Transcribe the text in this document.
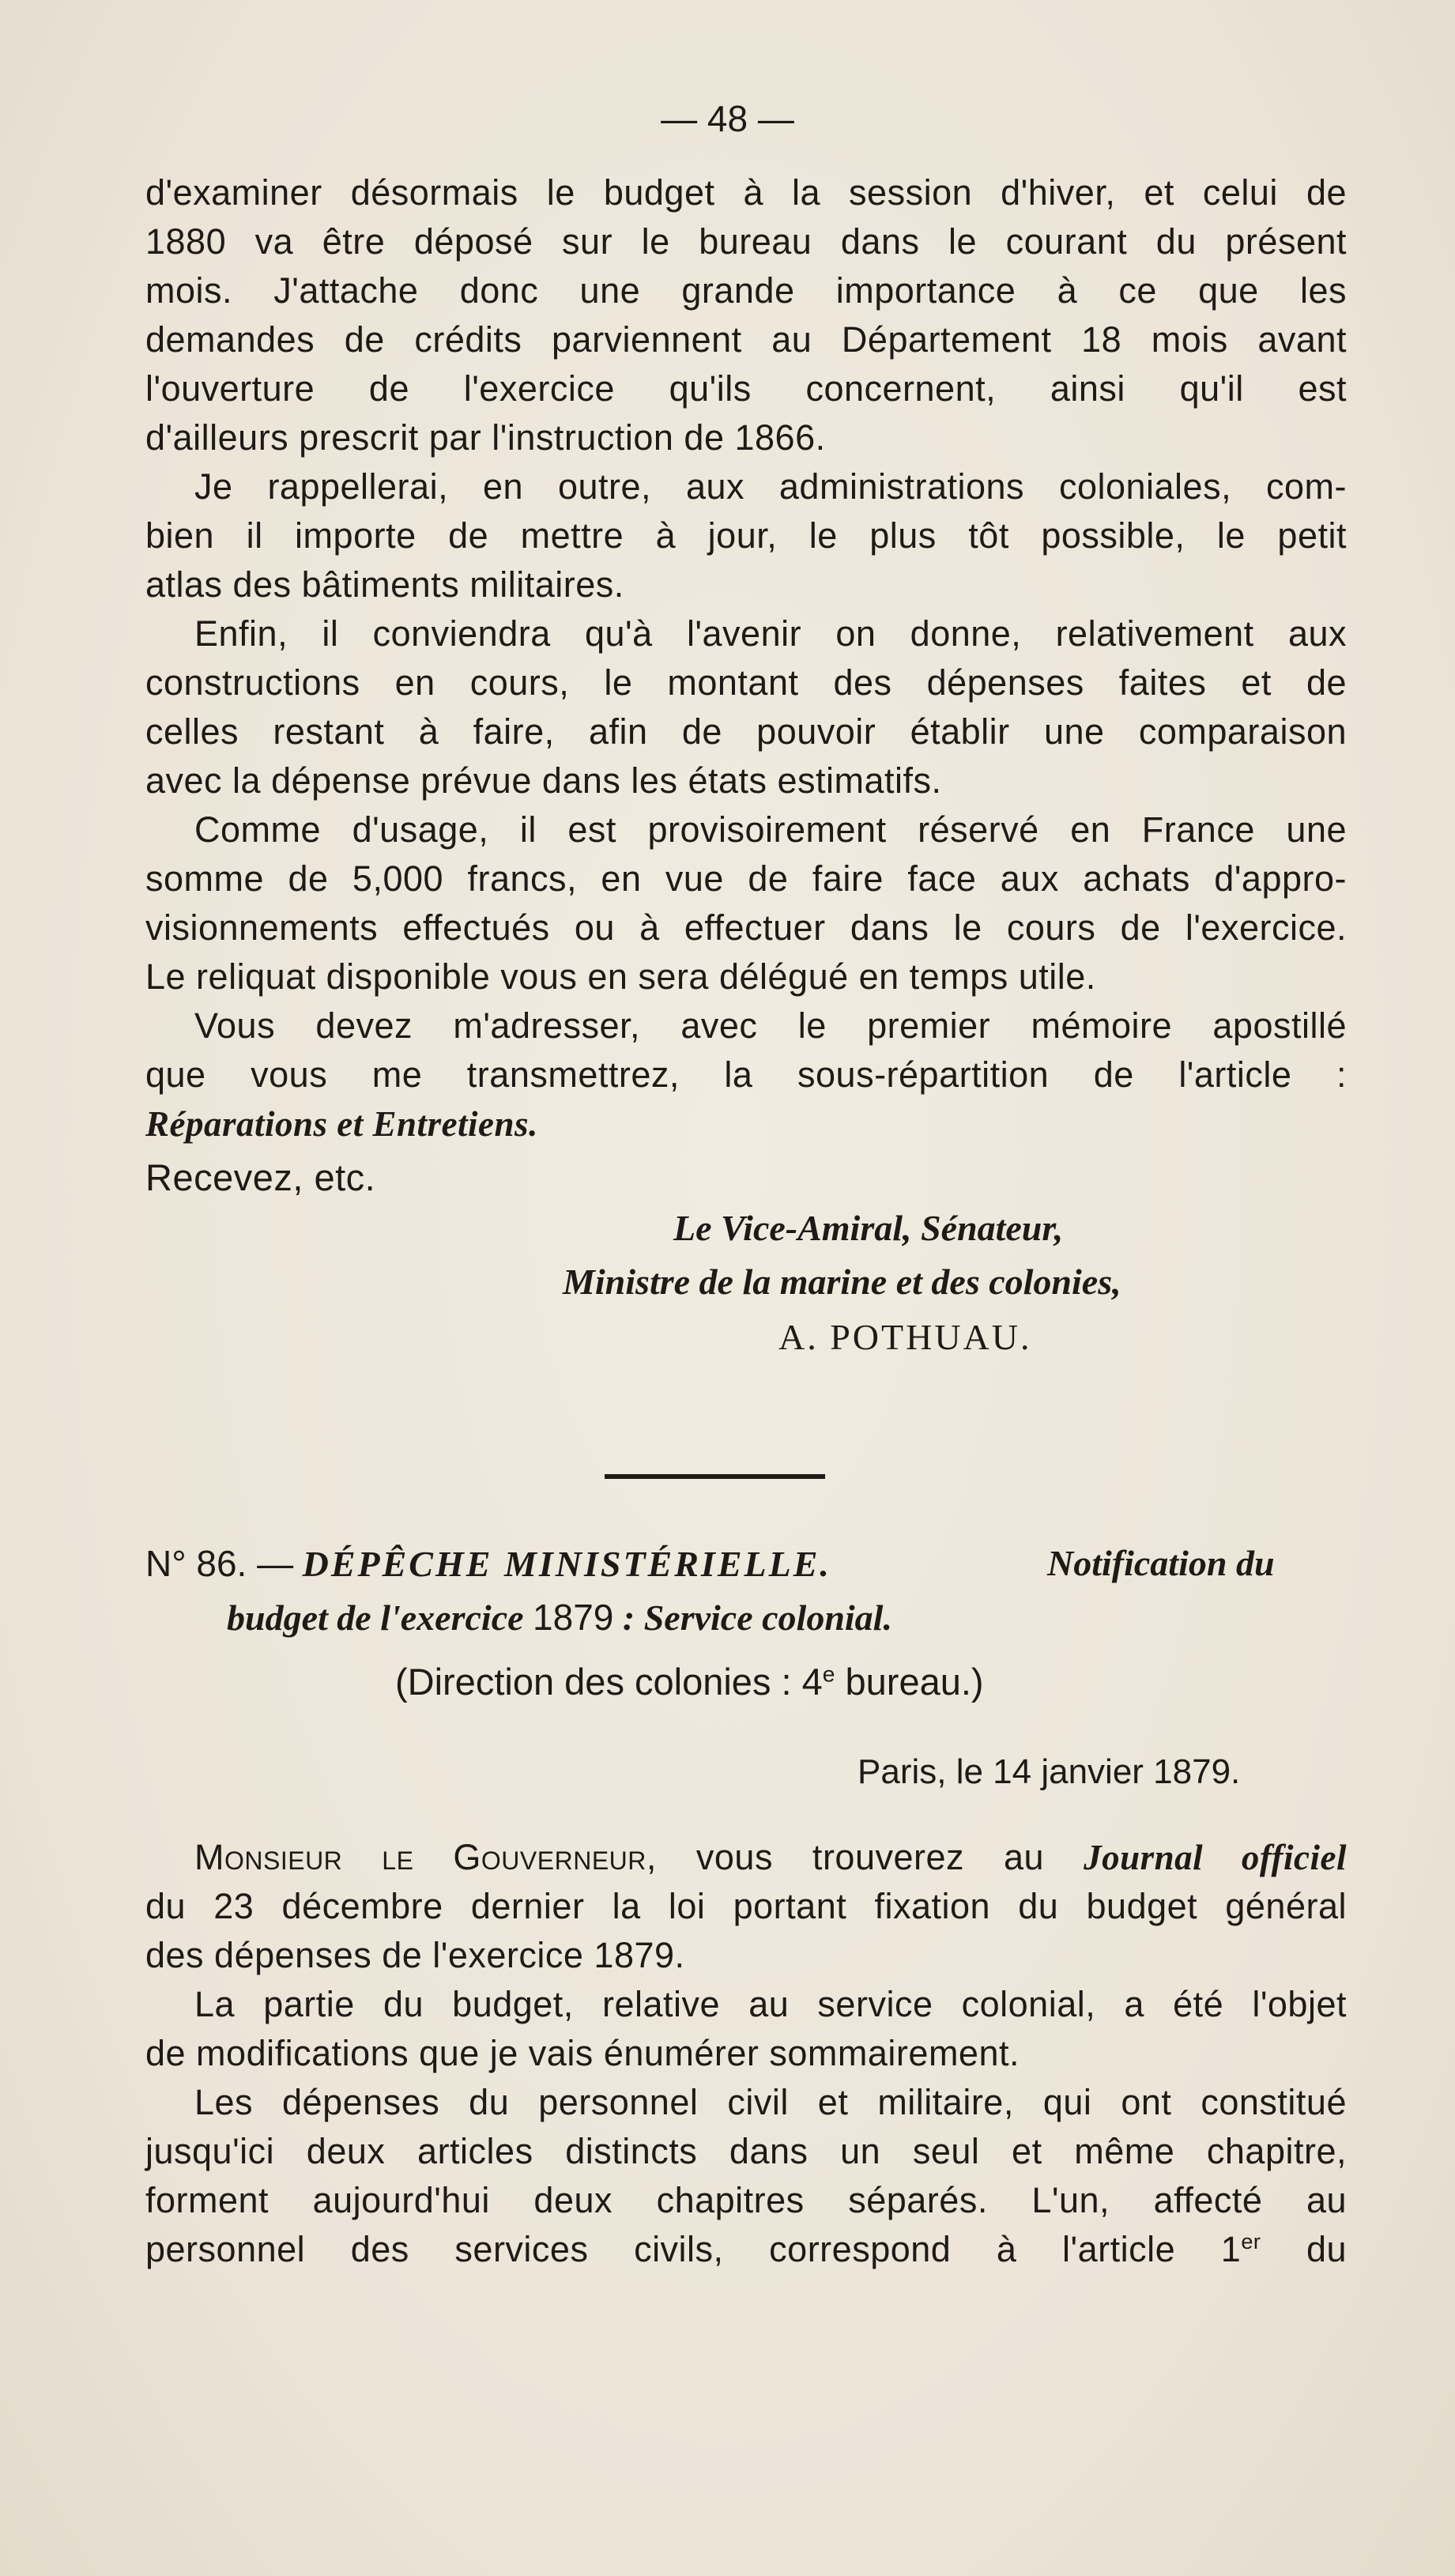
— 48 —
d'examiner désormais le budget à la session d'hiver, et celui de
1880 va être déposé sur le bureau dans le courant du présent
mois. J'attache donc une grande importance à ce que les
demandes de crédits parviennent au Département 18 mois avant
l'ouverture de l'exercice qu'ils concernent, ainsi qu'il est
d'ailleurs prescrit par l'instruction de 1866.
Je rappellerai, en outre, aux administrations coloniales, com-
bien il importe de mettre à jour, le plus tôt possible, le petit
atlas des bâtiments militaires.
Enfin, il conviendra qu'à l'avenir on donne, relativement aux
constructions en cours, le montant des dépenses faites et de
celles restant à faire, afin de pouvoir établir une comparaison
avec la dépense prévue dans les états estimatifs.
Comme d'usage, il est provisoirement réservé en France une
somme de 5,000 francs, en vue de faire face aux achats d'appro-
visionnements effectués ou à effectuer dans le cours de l'exercice.
Le reliquat disponible vous en sera délégué en temps utile.
Vous devez m'adresser, avec le premier mémoire apostillé
que vous me transmettrez, la sous-répartition de l'article :
Réparations et Entretiens.
Recevez, etc.
Le Vice-Amiral, Sénateur,
Ministre de la marine et des colonies,
A. POTHUAU.
N° 86. — DÉPÊCHE MINISTÉRIELLE.	Notification du
budget de l'exercice 1879 : Service colonial.
(Direction des colonies : 4e bureau.)
Paris, le 14 janvier 1879.
Monsieur le Gouverneur, vous trouverez au Journal officiel
du 23 décembre dernier la loi portant fixation du budget général
des dépenses de l'exercice 1879.
La partie du budget, relative au service colonial, a été l'objet
de modifications que je vais énumérer sommairement.
Les dépenses du personnel civil et militaire, qui ont constitué
jusqu'ici deux articles distincts dans un seul et même chapitre,
forment aujourd'hui deux chapitres séparés. L'un, affecté au
personnel des services civils, correspond à l'article 1er du
